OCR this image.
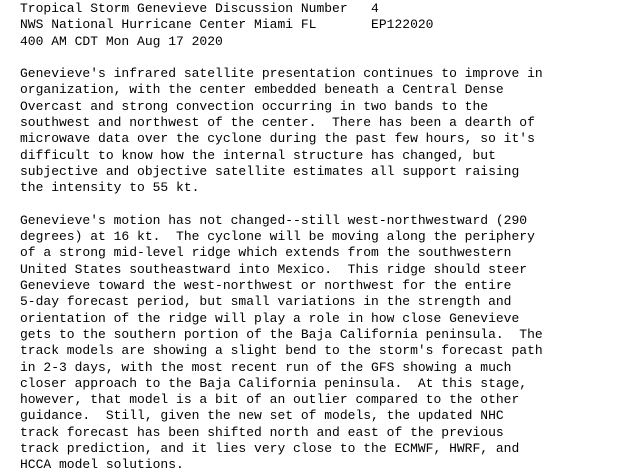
Tropical Storm Genevieve Discussion Number   4
NWS National Hurricane Center Miami FL       EP122020
400 AM CDT Mon Aug 17 2020
Genevieve's infrared satellite presentation continues to improve in
organization, with the center embedded beneath a Central Dense
Overcast and strong convection occurring in two bands to the
southwest and northwest of the center.  There has been a dearth of
microwave data over the cyclone during the past few hours, so it's
difficult to know how the internal structure has changed, but
subjective and objective satellite estimates all support raising
the intensity to 55 kt.
Genevieve's motion has not changed--still west-northwestward (290
degrees) at 16 kt.  The cyclone will be moving along the periphery
of a strong mid-level ridge which extends from the southwestern
United States southeastward into Mexico.  This ridge should steer
Genevieve toward the west-northwest or northwest for the entire
5-day forecast period, but small variations in the strength and
orientation of the ridge will play a role in how close Genevieve
gets to the southern portion of the Baja California peninsula.  The
track models are showing a slight bend to the storm's forecast path
in 2-3 days, with the most recent run of the GFS showing a much
closer approach to the Baja California peninsula.  At this stage,
however, that model is a bit of an outlier compared to the other
guidance.  Still, given the new set of models, the updated NHC
track forecast has been shifted north and east of the previous
track prediction, and it lies very close to the ECMWF, HWRF, and
HCCA model solutions.
